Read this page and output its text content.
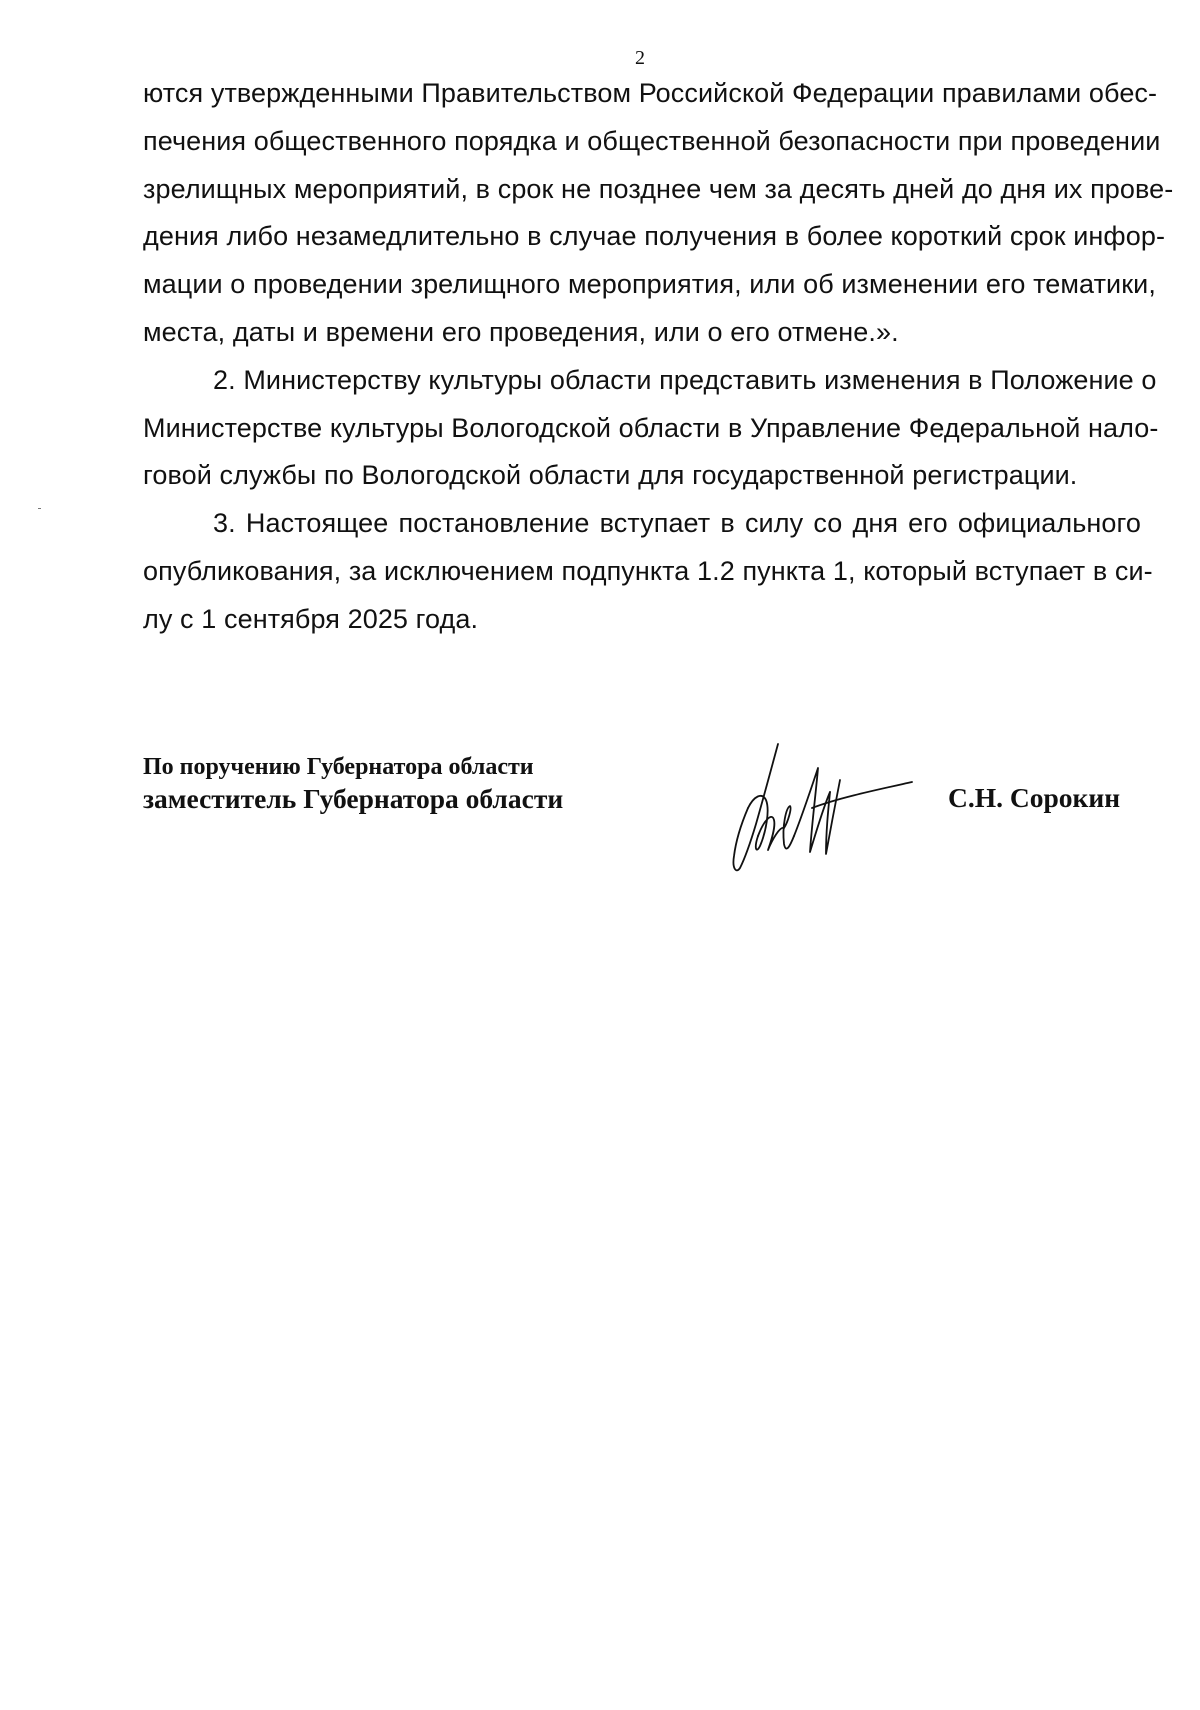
2
ются утвержденными Правительством Российской Федерации правилами обес-
печения общественного порядка и общественной безопасности при проведении
зрелищных мероприятий, в срок не позднее чем за десять дней до дня их прове-
дения либо незамедлительно в случае получения в более короткий срок инфор-
мации о проведении зрелищного мероприятия, или об изменении его тематики,
места, даты и времени его проведения, или о его отмене.».
2. Министерству культуры области представить изменения в Положение о
Министерстве культуры Вологодской области в Управление Федеральной нало-
говой службы по Вологодской области для государственной регистрации.
3. Настоящее постановление вступает в силу со дня его официального
опубликования, за исключением подпункта 1.2 пункта 1, который вступает в си-
лу с 1 сентября 2025 года.
По поручению Губернатора области
заместитель Губернатора области	С.Н. Сорокин
